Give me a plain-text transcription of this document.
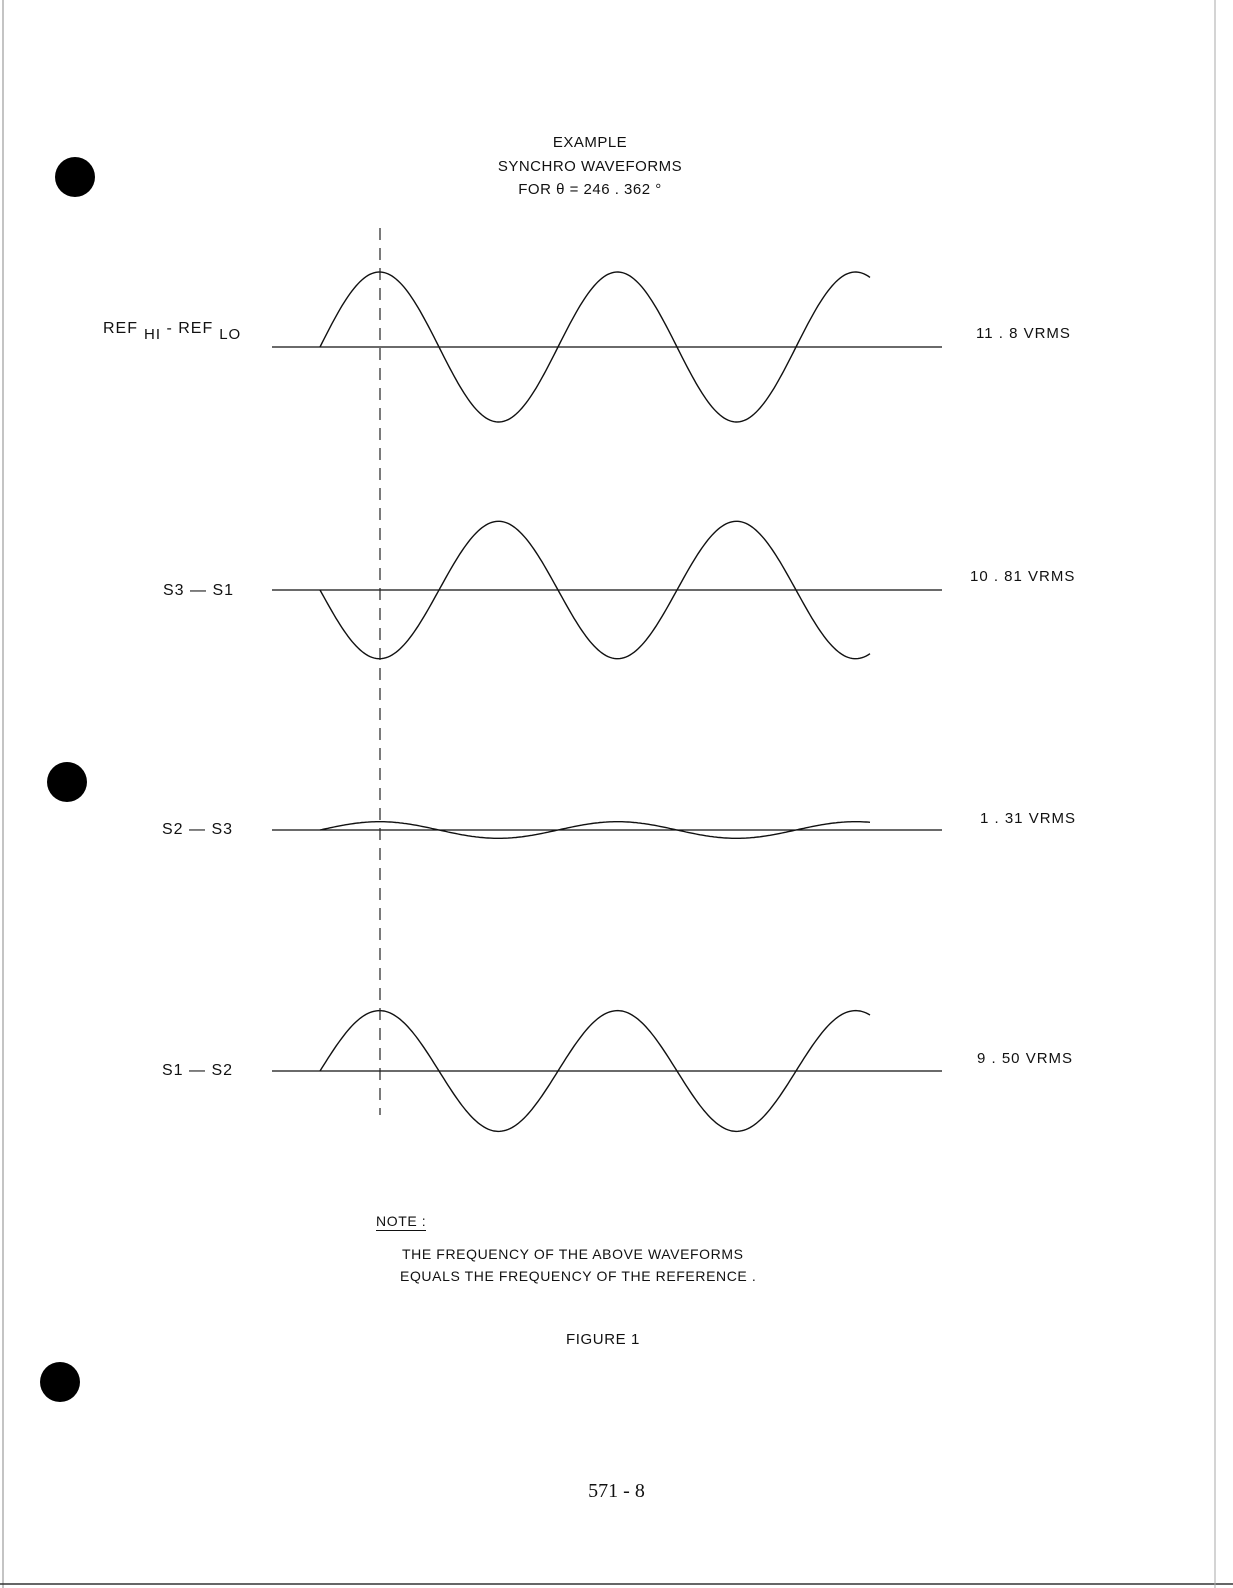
EXAMPLE
SYNCHRO WAVEFORMS
FOR θ = 246 . 362 °
REF HI - REF LO
S3 — S1
S2 — S3
S1 — S2
11 . 8 VRMS
10 . 81 VRMS
1 . 31 VRMS
9 . 50 VRMS
NOTE :
THE FREQUENCY OF THE ABOVE WAVEFORMS
EQUALS THE FREQUENCY OF THE REFERENCE .
FIGURE 1
571 - 8
